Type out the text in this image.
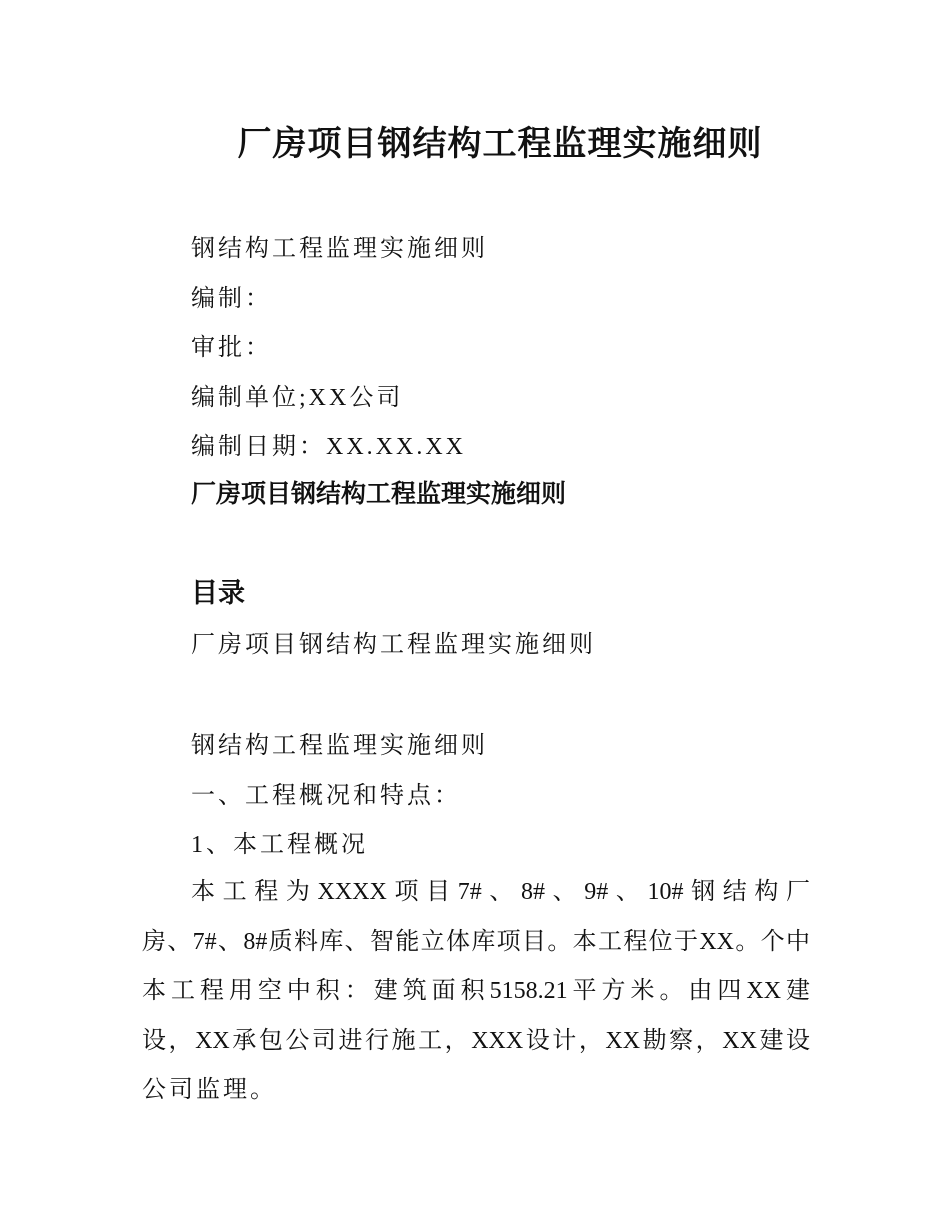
厂房项目钢结构工程监理实施细则
钢结构工程监理实施细则
编制：
审批：
编制单位;XX公司
编制日期：XX.XX.XX
厂房项目钢结构工程监理实施细则
目录
厂房项目钢结构工程监理实施细则
钢结构工程监理实施细则
一、工程概况和特点：
1、本工程概况
本工程为XXXX项目7#、8#、9#、10#钢结构厂
房、7#、8#质料库、智能立体库项目。本工程位于XX。个中
本工程用空中积：建筑面积5158.21平方米。由四XX建
设，XX承包公司进行施工，XXX设计，XX勘察，XX建设
公司监理。
